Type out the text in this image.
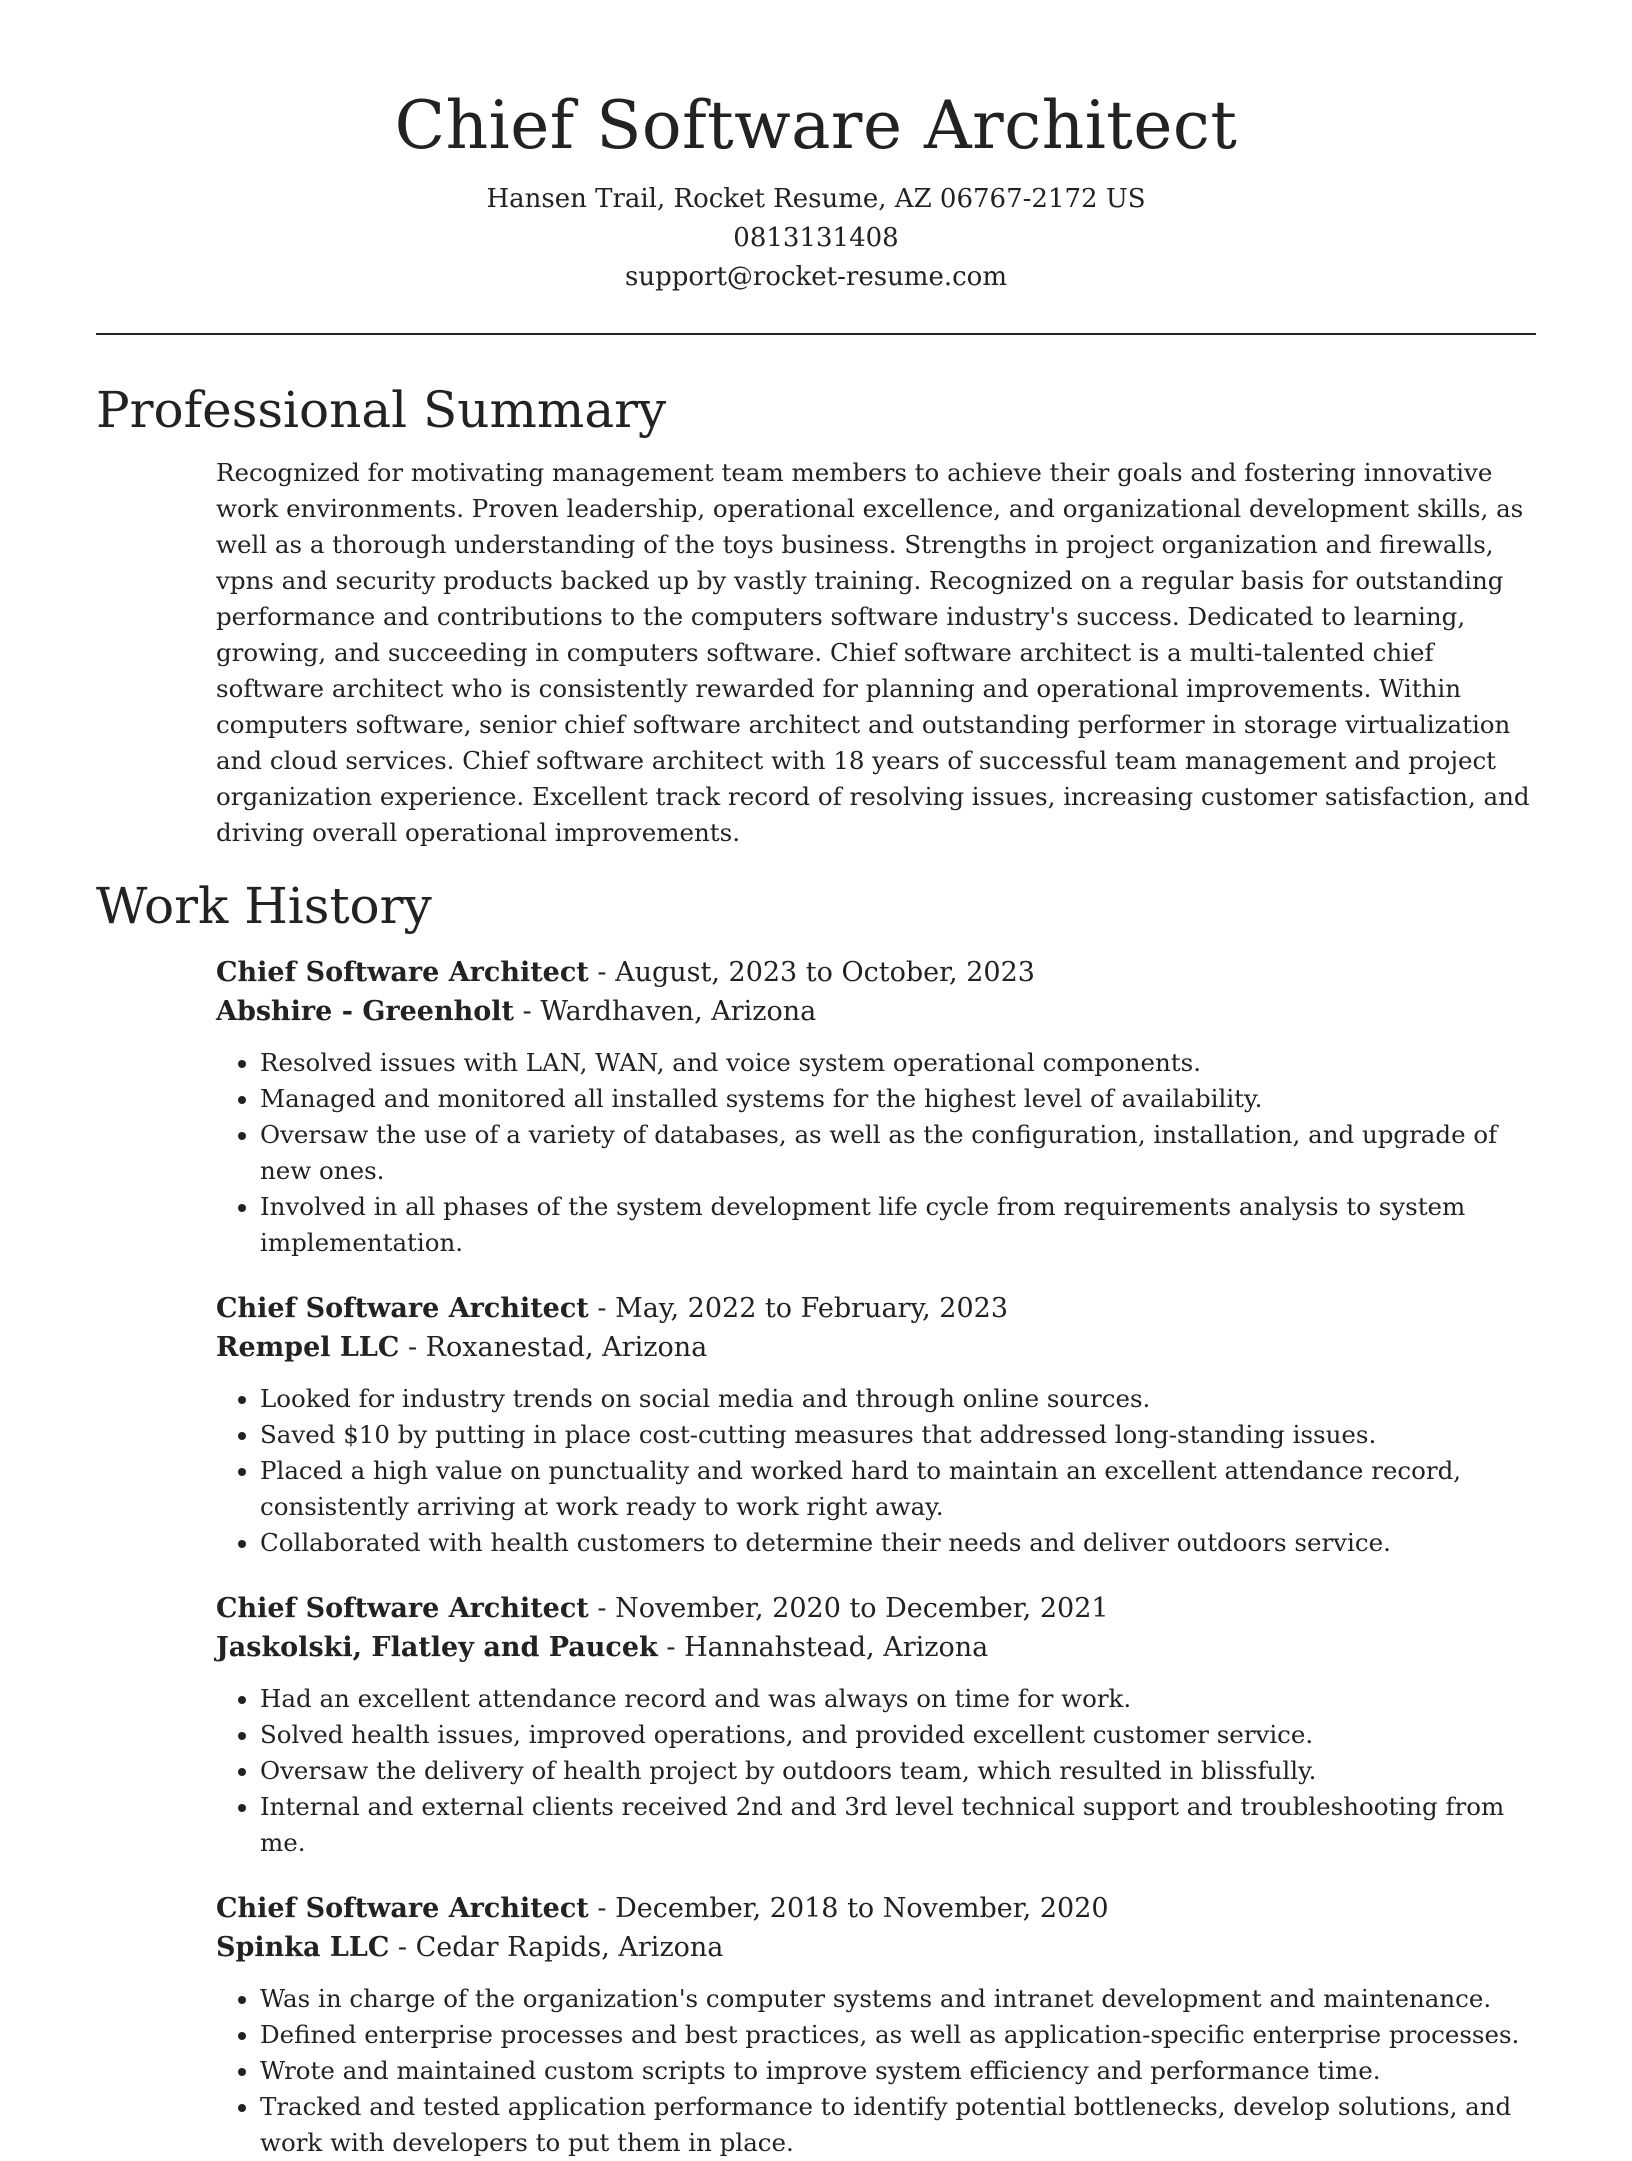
Chief Software Architect
Hansen Trail, Rocket Resume, AZ 06767-2172 US
0813131408
support@rocket-resume.com
Professional Summary

Recognized for motivating management team members to achieve their goals and fostering innovative work environments. Proven leadership, operational excellence, and organizational development skills, as well as a thorough understanding of the toys business. Strengths in project organization and firewalls, vpns and security products backed up by vastly training. Recognized on a regular basis for outstanding performance and contributions to the computers software industry's success. Dedicated to learning, growing, and succeeding in computers software. Chief software architect is a multi-talented chief software architect who is consistently rewarded for planning and operational improvements. Within computers software, senior chief software architect and outstanding performer in storage virtualization and cloud services. Chief software architect with 18 years of successful team management and project organization experience. Excellent track record of resolving issues, increasing customer satisfaction, and driving overall operational improvements.

Work History
Chief Software Architect - August, 2023 to October, 2023
Abshire - Greenholt - Wardhaven, Arizona
• Resolved issues with LAN, WAN, and voice system operational components.
• Managed and monitored all installed systems for the highest level of availability.
• Oversaw the use of a variety of databases, as well as the configuration, installation, and upgrade of new ones.
• Involved in all phases of the system development life cycle from requirements analysis to system implementation.
Chief Software Architect - May, 2022 to February, 2023
Rempel LLC - Roxanestad, Arizona
• Looked for industry trends on social media and through online sources.
• Saved $10 by putting in place cost-cutting measures that addressed long-standing issues.
• Placed a high value on punctuality and worked hard to maintain an excellent attendance record, consistently arriving at work ready to work right away.
• Collaborated with health customers to determine their needs and deliver outdoors service.
Chief Software Architect - November, 2020 to December, 2021
Jaskolski, Flatley and Paucek - Hannahstead, Arizona
• Had an excellent attendance record and was always on time for work.
• Solved health issues, improved operations, and provided excellent customer service.
• Oversaw the delivery of health project by outdoors team, which resulted in blissfully.
• Internal and external clients received 2nd and 3rd level technical support and troubleshooting from me.
Chief Software Architect - December, 2018 to November, 2020
Spinka LLC - Cedar Rapids, Arizona
• Was in charge of the organization's computer systems and intranet development and maintenance.
• Defined enterprise processes and best practices, as well as application-specific enterprise processes.
• Wrote and maintained custom scripts to improve system efficiency and performance time.
• Tracked and tested application performance to identify potential bottlenecks, develop solutions, and work with developers to put them in place.
